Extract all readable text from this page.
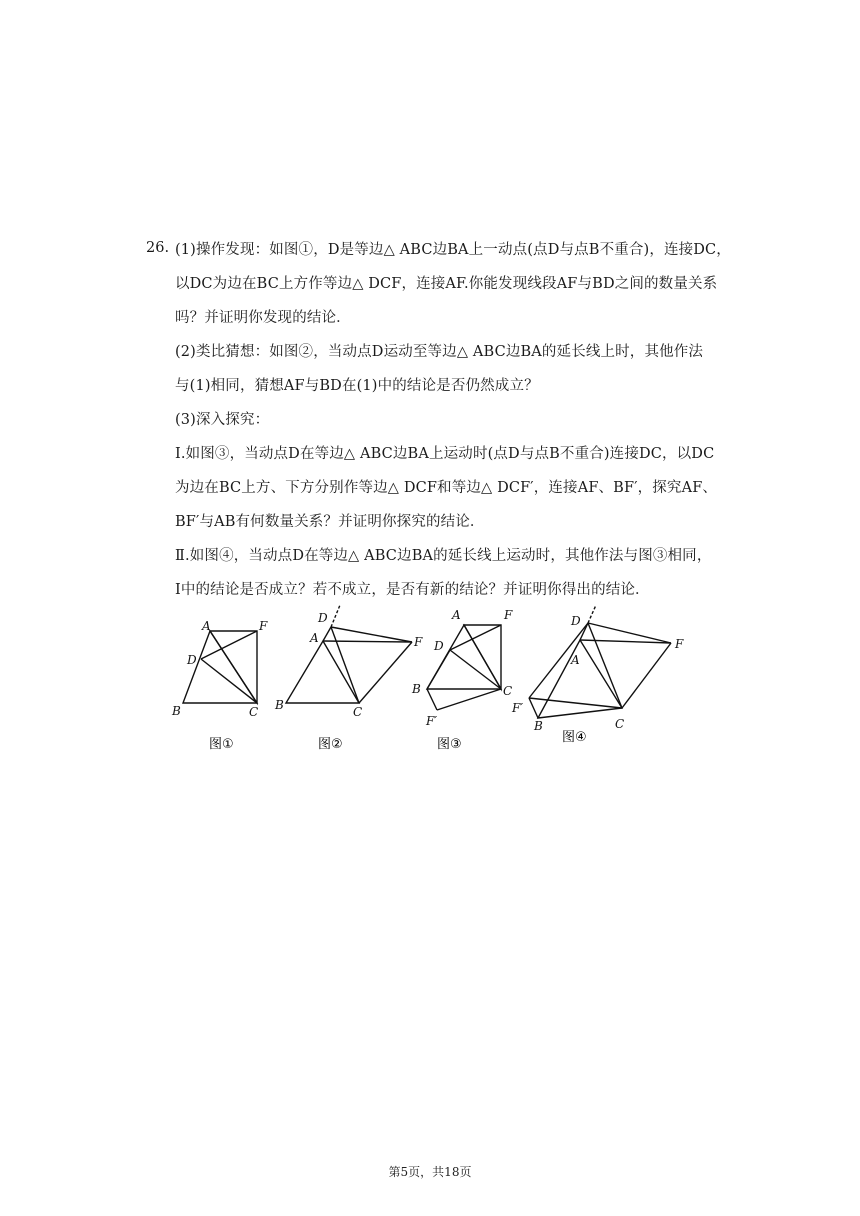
26. (1)操作发现：如图①，D是等边△ ABC边BA上一动点(点D与点B不重合)，连接DC，
以DC为边在BC上方作等边△ DCF，连接AF.你能发现线段AF与BD之间的数量关系
吗？并证明你发现的结论．
(2)类比猜想：如图②，当动点D运动至等边△ ABC边BA的延长线上时，其他作法
与(1)相同，猜想AF与BD在(1)中的结论是否仍然成立？
(3)深入探究：
Ⅰ.如图③，当动点D在等边△ ABC边BA上运动时(点D与点B不重合)连接DC，以DC
为边在BC上方、下方分别作等边△ DCF和等边△ DCF′，连接AF、BF′，探究AF、
BF′与AB有何数量关系？并证明你探究的结论．
Ⅱ.如图④，当动点D在等边△ ABC边BA的延长线上运动时，其他作法与图③相同，
Ⅰ中的结论是否成立？若不成立，是否有新的结论？并证明你得出的结论．
A	F
D
B	C
D
A	F
B	C
A	F
D
B	C
F′
D
F
A
F′
B	C
图①	图②	图③	图④
第5页，共18页
